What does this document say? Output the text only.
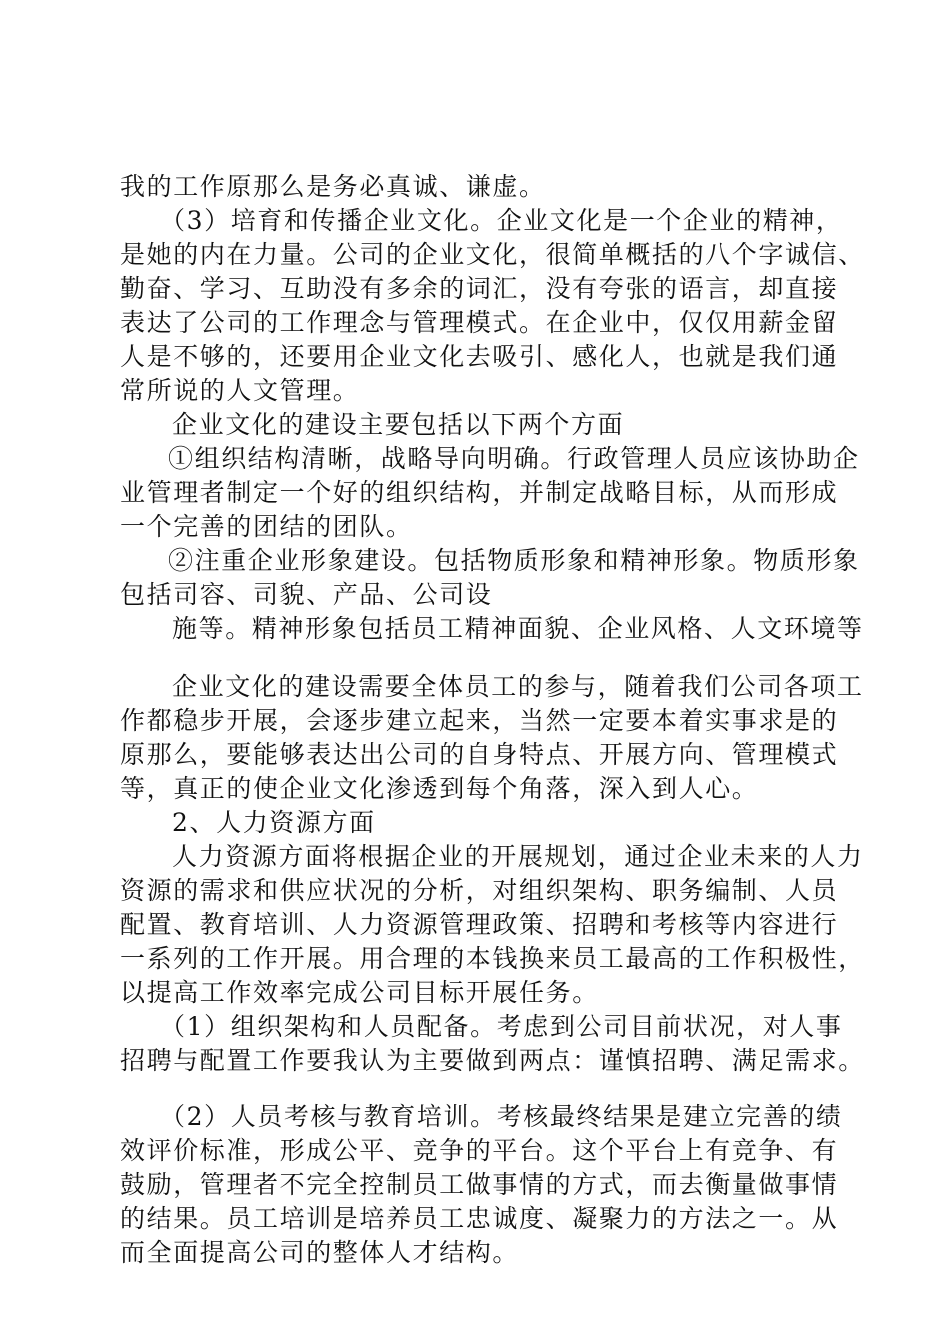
我的工作原那么是务必真诚、谦虚。
（3）培育和传播企业文化。企业文化是一个企业的精神，
是她的内在力量。公司的企业文化，很简单概括的八个字诚信、
勤奋、学习、互助没有多余的词汇，没有夸张的语言，却直接
表达了公司的工作理念与管理模式。在企业中，仅仅用薪金留
人是不够的，还要用企业文化去吸引、感化人，也就是我们通
常所说的人文管理。
企业文化的建设主要包括以下两个方面
①组织结构清晰，战略导向明确。行政管理人员应该协助企
业管理者制定一个好的组织结构，并制定战略目标，从而形成
一个完善的团结的团队。
②注重企业形象建设。包括物质形象和精神形象。物质形象
包括司容、司貌、产品、公司设
施等。精神形象包括员工精神面貌、企业风格、人文环境等
企业文化的建设需要全体员工的参与，随着我们公司各项工
作都稳步开展，会逐步建立起来，当然一定要本着实事求是的
原那么，要能够表达出公司的自身特点、开展方向、管理模式
等，真正的使企业文化渗透到每个角落，深入到人心。
2、人力资源方面
人力资源方面将根据企业的开展规划，通过企业未来的人力
资源的需求和供应状况的分析，对组织架构、职务编制、人员
配置、教育培训、人力资源管理政策、招聘和考核等内容进行
一系列的工作开展。用合理的本钱换来员工最高的工作积极性，
以提高工作效率完成公司目标开展任务。
（1）组织架构和人员配备。考虑到公司目前状况，对人事
招聘与配置工作要我认为主要做到两点：谨慎招聘、满足需求。
（2）人员考核与教育培训。考核最终结果是建立完善的绩
效评价标准，形成公平、竞争的平台。这个平台上有竞争、有
鼓励，管理者不完全控制员工做事情的方式，而去衡量做事情
的结果。员工培训是培养员工忠诚度、凝聚力的方法之一。从
而全面提高公司的整体人才结构。
